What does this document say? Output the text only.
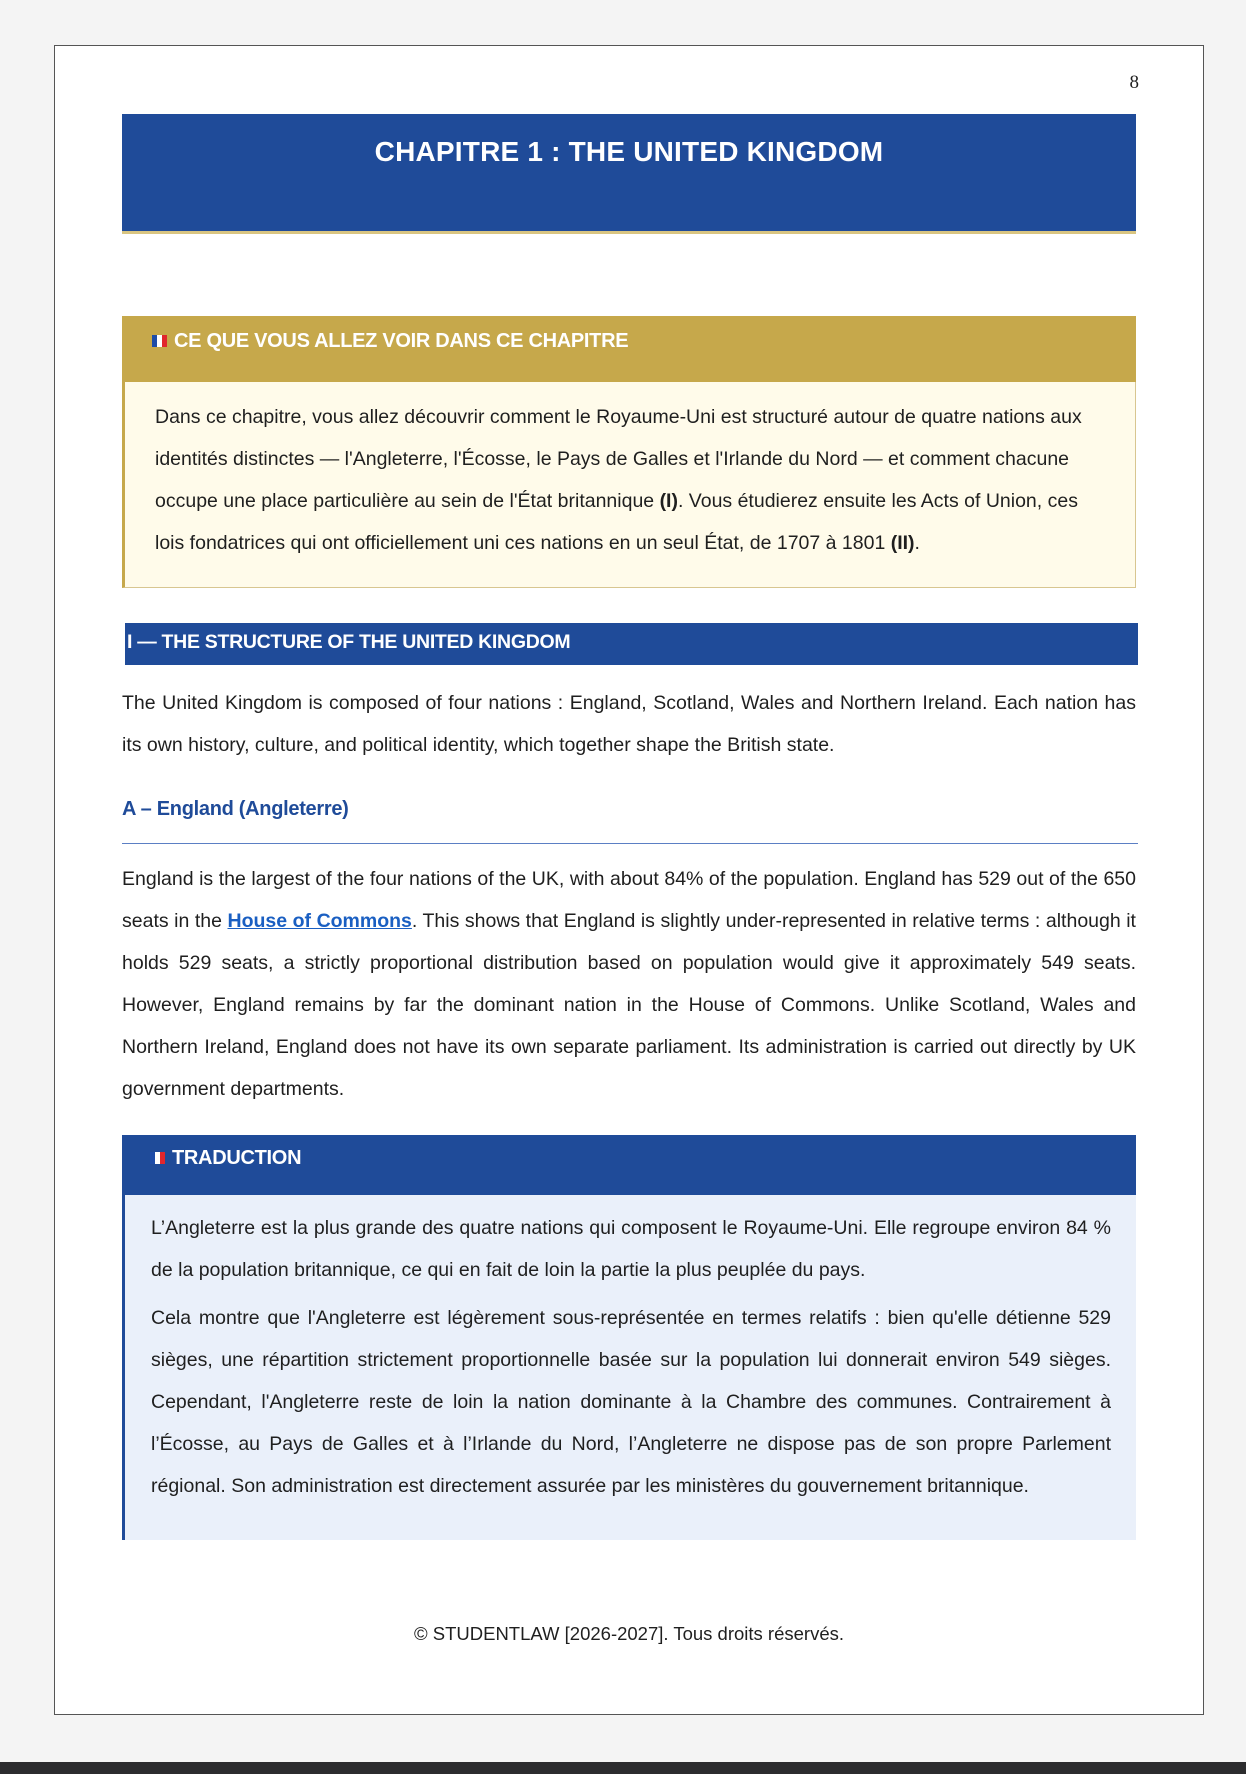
8
CHAPITRE 1 : THE UNITED KINGDOM
CE QUE VOUS ALLEZ VOIR DANS CE CHAPITRE
Dans ce chapitre, vous allez découvrir comment le Royaume-Uni est structuré autour de quatre nations aux identités distinctes — l'Angleterre, l'Écosse, le Pays de Galles et l'Irlande du Nord — et comment chacune occupe une place particulière au sein de l'État britannique (I). Vous étudierez ensuite les Acts of Union, ces lois fondatrices qui ont officiellement uni ces nations en un seul État, de 1707 à 1801 (II).
I — THE STRUCTURE OF THE UNITED KINGDOM
The United Kingdom is composed of four nations : England, Scotland, Wales and Northern Ireland. Each nation has its own history, culture, and political identity, which together shape the British state.
A – England (Angleterre)
England is the largest of the four nations of the UK, with about 84% of the population. England has 529 out of the 650 seats in the House of Commons. This shows that England is slightly under-represented in relative terms : although it holds 529 seats, a strictly proportional distribution based on population would give it approximately 549 seats. However, England remains by far the dominant nation in the House of Commons. Unlike Scotland, Wales and Northern Ireland, England does not have its own separate parliament. Its administration is carried out directly by UK government departments.
TRADUCTION

L’Angleterre est la plus grande des quatre nations qui composent le Royaume-Uni. Elle regroupe environ 84 % de la population britannique, ce qui en fait de loin la partie la plus peuplée du pays.

Cela montre que l'Angleterre est légèrement sous-représentée en termes relatifs : bien qu'elle détienne 529 sièges, une répartition strictement proportionnelle basée sur la population lui donnerait environ 549 sièges. Cependant, l'Angleterre reste de loin la nation dominante à la Chambre des communes. Contrairement à l’Écosse, au Pays de Galles et à l’Irlande du Nord, l’Angleterre ne dispose pas de son propre Parlement régional. Son administration est directement assurée par les ministères du gouvernement britannique.

© STUDENTLAW [2026-2027]. Tous droits réservés.
